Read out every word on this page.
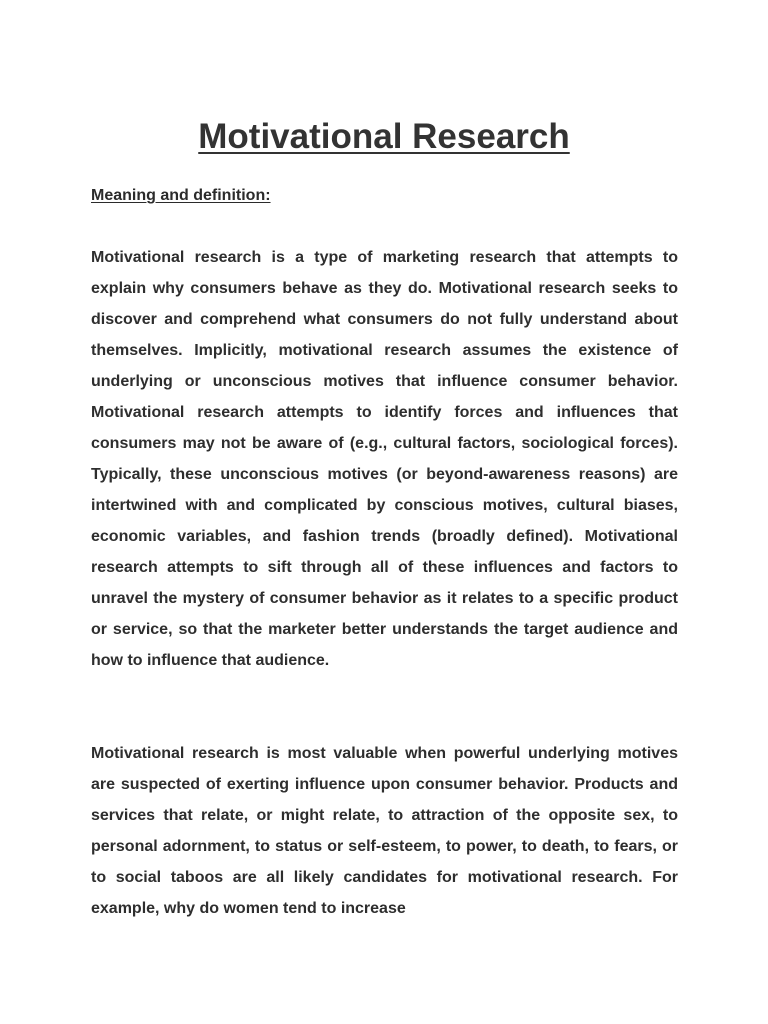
Motivational Research
Meaning and definition:

Motivational research is a type of marketing research that attempts to explain why consumers behave as they do. Motivational research seeks to discover and comprehend what consumers do not fully understand about themselves. Implicitly, motivational research assumes the existence of underlying or unconscious motives that influence consumer behavior. Motivational research attempts to identify forces and influences that consumers may not be aware of (e.g., cultural factors, sociological forces). Typically, these unconscious motives (or beyond-awareness reasons) are intertwined with and complicated by conscious motives, cultural biases, economic variables, and fashion trends (broadly defined). Motivational research attempts to sift through all of these influences and factors to unravel the mystery of consumer behavior as it relates to a specific product or service, so that the marketer better understands the target audience and how to influence that audience.

Motivational research is most valuable when powerful underlying motives are suspected of exerting influence upon consumer behavior. Products and services that relate, or might relate, to attraction of the opposite sex, to personal adornment, to status or self-esteem, to power, to death, to fears, or to social taboos are all likely candidates for motivational research. For example, why do women tend to increase
